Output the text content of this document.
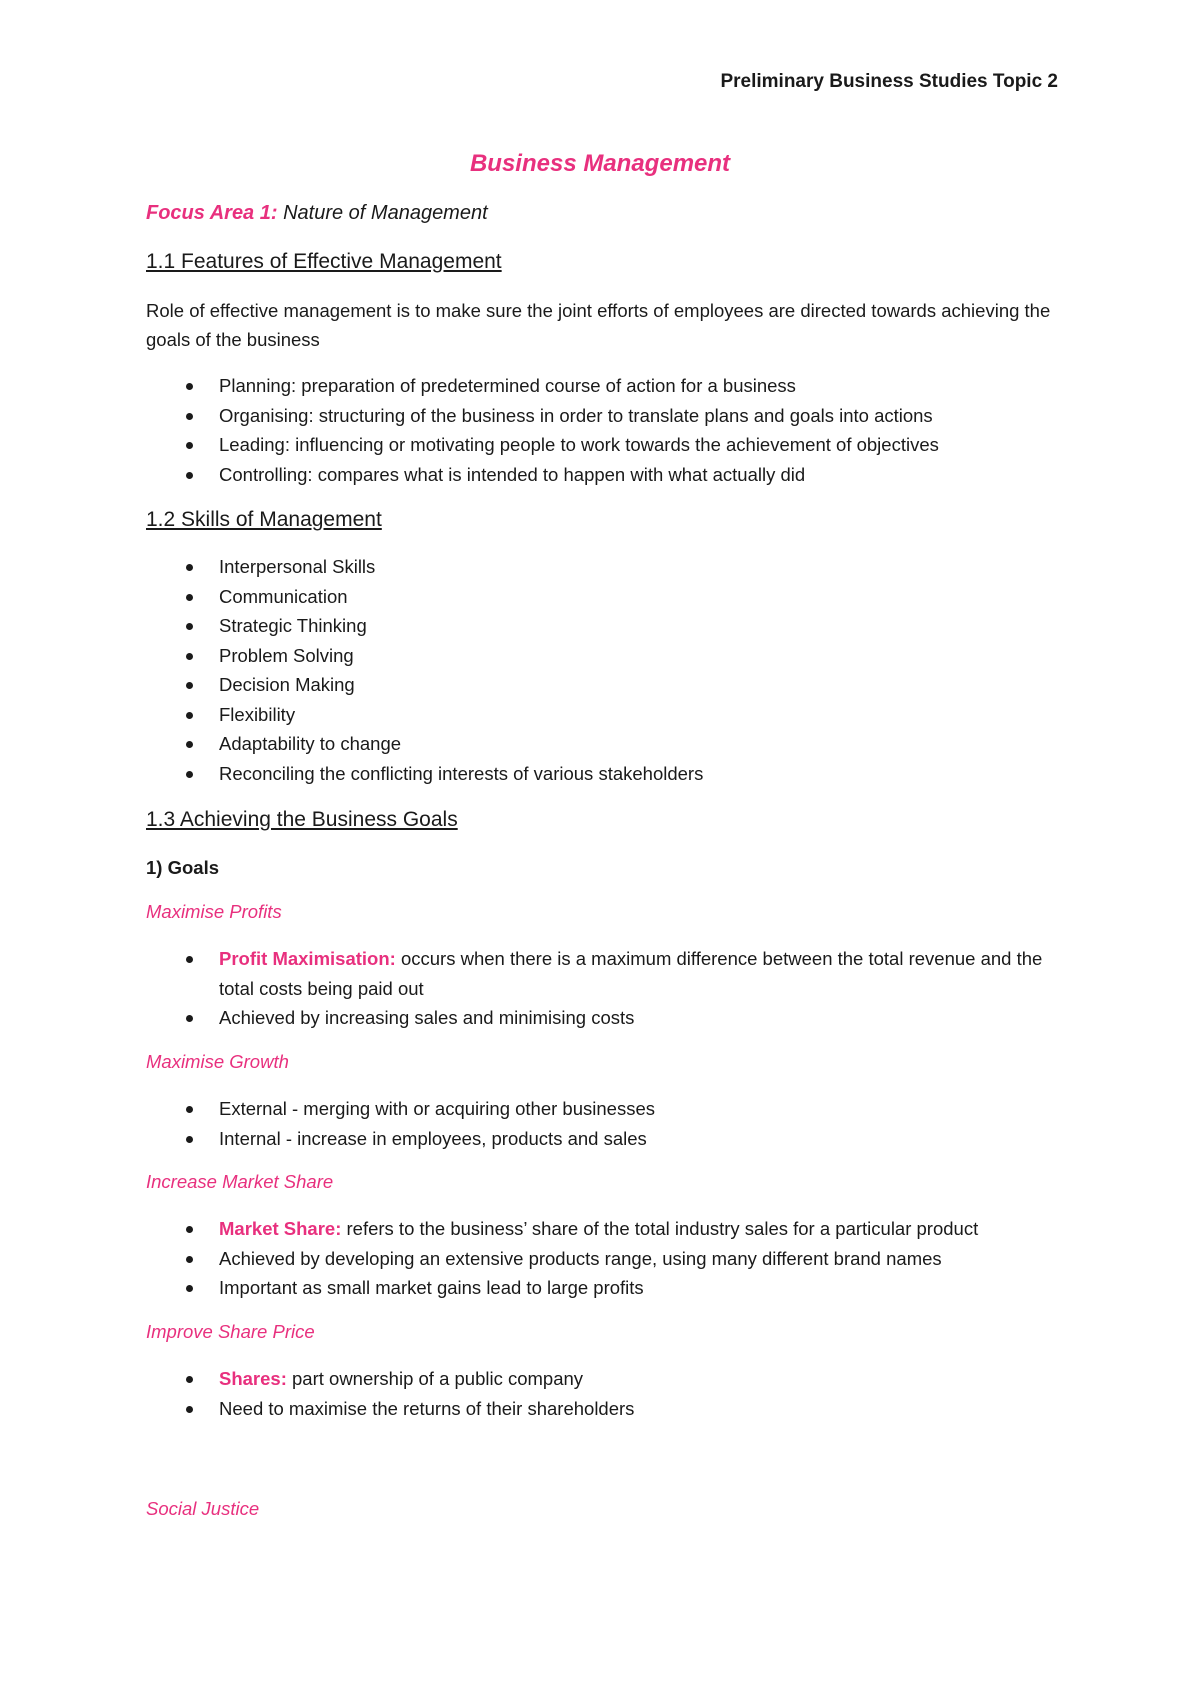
Preliminary Business Studies Topic 2
Business Management
Focus Area 1: Nature of Management
1.1 Features of Effective Management

Role of effective management is to make sure the joint efforts of employees are directed towards achieving the goals of the business

Planning: preparation of predetermined course of action for a business
Organising: structuring of the business in order to translate plans and goals into actions
Leading: influencing or motivating people to work towards the achievement of objectives
Controlling: compares what is intended to happen with what actually did
1.2 Skills of Management
Interpersonal Skills
Communication
Strategic Thinking
Problem Solving
Decision Making
Flexibility
Adaptability to change
Reconciling the conflicting interests of various stakeholders
1.3 Achieving the Business Goals
1) Goals
Maximise Profits
Profit Maximisation: occurs when there is a maximum difference between the total revenue and the total costs being paid out
Achieved by increasing sales and minimising costs
Maximise Growth
External - merging with or acquiring other businesses
Internal - increase in employees, products and sales
Increase Market Share
Market Share: refers to the business’ share of the total industry sales for a particular product
Achieved by developing an extensive products range, using many different brand names
Important as small market gains lead to large profits
Improve Share Price
Shares: part ownership of a public company
Need to maximise the returns of their shareholders
Social Justice
